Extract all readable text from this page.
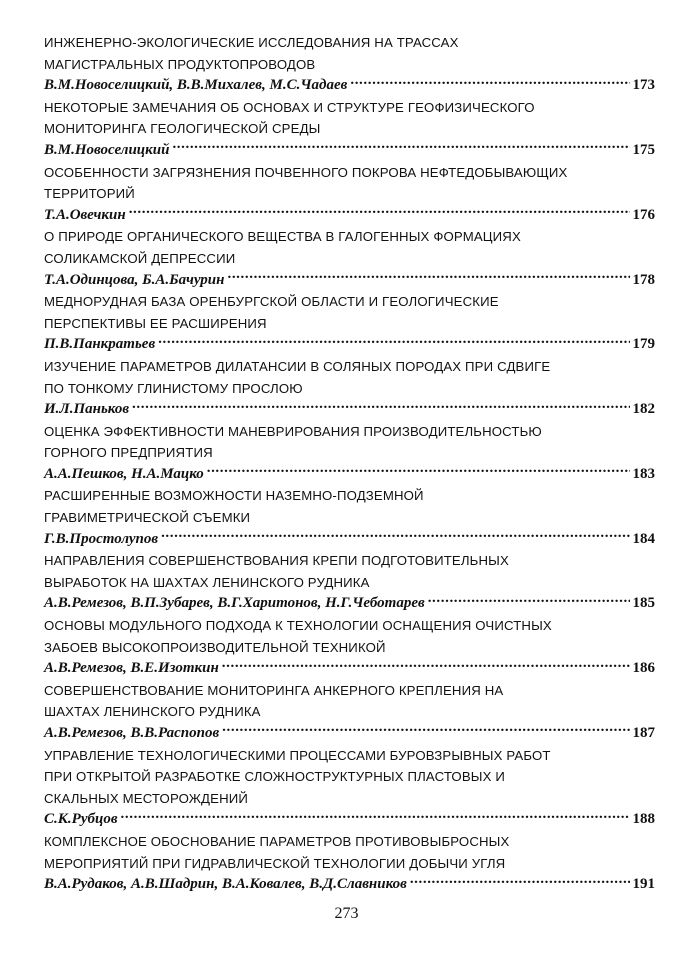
ИНЖЕНЕРНО-ЭКОЛОГИЧЕСКИЕ ИССЛЕДОВАНИЯ НА ТРАССАХ
МАГИСТРАЛЬНЫХ ПРОДУКТОПРОВОДОВ
В.М.Новоселицкий, В.В.Михалев, М.С.Чадаев .....	173
НЕКОТОРЫЕ ЗАМЕЧАНИЯ ОБ ОСНОВАХ И СТРУКТУРЕ ГЕОФИЗИЧЕСКОГО
МОНИТОРИНГА ГЕОЛОГИЧЕСКОЙ СРЕДЫ
В.М.Новоселицкий .....	175
ОСОБЕННОСТИ ЗАГРЯЗНЕНИЯ ПОЧВЕННОГО ПОКРОВА НЕФТЕДОБЫВАЮЩИХ
ТЕРРИТОРИЙ
Т.А.Овечкин .....	176
О ПРИРОДЕ ОРГАНИЧЕСКОГО ВЕЩЕСТВА В ГАЛОГЕННЫХ ФОРМАЦИЯХ
СОЛИКАМСКОЙ ДЕПРЕССИИ
Т.А.Одинцова, Б.А.Бачурин .....	178
МЕДНОРУДНАЯ БАЗА ОРЕНБУРГСКОЙ ОБЛАСТИ И ГЕОЛОГИЧЕСКИЕ
ПЕРСПЕКТИВЫ ЕЕ РАСШИРЕНИЯ
П.В.Панкратьев .....	179
ИЗУЧЕНИЕ ПАРАМЕТРОВ ДИЛАТАНСИИ В СОЛЯНЫХ ПОРОДАХ ПРИ СДВИГЕ
ПО ТОНКОМУ ГЛИНИСТОМУ ПРОСЛОЮ
И.Л.Паньков .....	182
ОЦЕНКА ЭФФЕКТИВНОСТИ МАНЕВРИРОВАНИЯ ПРОИЗВОДИТЕЛЬНОСТЬЮ
ГОРНОГО ПРЕДПРИЯТИЯ
А.А.Пешков, Н.А.Мацко .....	183
РАСШИРЕННЫЕ ВОЗМОЖНОСТИ НАЗЕМНО-ПОДЗЕМНОЙ
ГРАВИМЕТРИЧЕСКОЙ СЪЕМКИ
Г.В.Простолупов .....	184
НАПРАВЛЕНИЯ СОВЕРШЕНСТВОВАНИЯ КРЕПИ ПОДГОТОВИТЕЛЬНЫХ
ВЫРАБОТОК НА ШАХТАХ ЛЕНИНСКОГО РУДНИКА
А.В.Ремезов, В.П.Зубарев, В.Г.Харитонов, Н.Г.Чеботарев .....	185
ОСНОВЫ МОДУЛЬНОГО ПОДХОДА К ТЕХНОЛОГИИ ОСНАЩЕНИЯ ОЧИСТНЫХ
ЗАБОЕВ ВЫСОКОПРОИЗВОДИТЕЛЬНОЙ ТЕХНИКОЙ
А.В.Ремезов, В.Е.Изоткин .....	186
СОВЕРШЕНСТВОВАНИЕ МОНИТОРИНГА АНКЕРНОГО КРЕПЛЕНИЯ НА
ШАХТАХ ЛЕНИНСКОГО РУДНИКА
А.В.Ремезов, В.В.Распопов .....	187
УПРАВЛЕНИЕ ТЕХНОЛОГИЧЕСКИМИ ПРОЦЕССАМИ БУРОВЗРЫВНЫХ РАБОТ
ПРИ ОТКРЫТОЙ РАЗРАБОТКЕ СЛОЖНОСТРУКТУРНЫХ ПЛАСТОВЫХ И
СКАЛЬНЫХ МЕСТОРОЖДЕНИЙ
С.К.Рубцов .....	188
КОМПЛЕКСНОЕ ОБОСНОВАНИЕ ПАРАМЕТРОВ ПРОТИВОВЫБРОСНЫХ
МЕРОПРИЯТИЙ ПРИ ГИДРАВЛИЧЕСКОЙ ТЕХНОЛОГИИ ДОБЫЧИ УГЛЯ
В.А.Рудаков, А.В.Шадрин, В.А.Ковалев, В.Д.Славников .....	191
273
